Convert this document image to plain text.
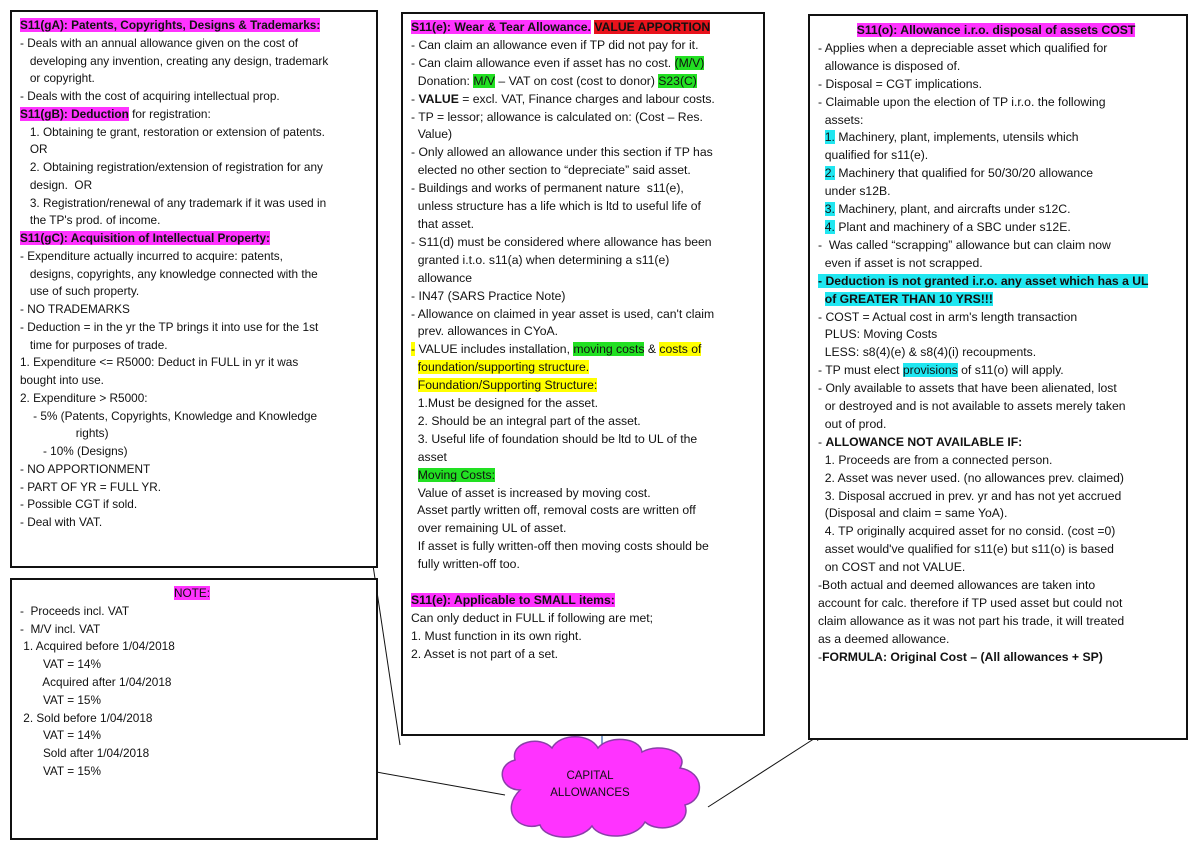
CAPITAL
ALLOWANCES
S11(gA): Patents, Copyrights, Designs & Trademarks:
- Deals with an annual allowance given on the cost of
developing any invention, creating any design, trademark
or copyright.
- Deals with the cost of acquiring intellectual prop.
S11(gB): Deduction for registration:
1. Obtaining te grant, restoration or extension of patents.
OR
2. Obtaining registration/extension of registration for any
design.  OR
3. Registration/renewal of any trademark if it was used in
the TP's prod. of income.
S11(gC): Acquisition of Intellectual Property:
- Expenditure actually incurred to acquire: patents,
designs, copyrights, any knowledge connected with the
use of such property.
- NO TRADEMARKS
- Deduction = in the yr the TP brings it into use for the 1st
time for purposes of trade.
1. Expenditure <= R5000: Deduct in FULL in yr it was
bought into use.
2. Expenditure > R5000:
- 5% (Patents, Copyrights, Knowledge and Knowledge
rights)
- 10% (Designs)
- NO APPORTIONMENT
- PART OF YR = FULL YR.
- Possible CGT if sold.
- Deal with VAT.
NOTE:
-  Proceeds incl. VAT
-  M/V incl. VAT
1. Acquired before 1/04/2018
VAT = 14%
Acquired after 1/04/2018
VAT = 15%
2. Sold before 1/04/2018
VAT = 14%
Sold after 1/04/2018
VAT = 15%
S11(e): Wear & Tear Allowance. VALUE APPORTION
- Can claim an allowance even if TP did not pay for it.
- Can claim allowance even if asset has no cost. (M/V)
Donation: M/V – VAT on cost (cost to donor) S23(C)
- VALUE = excl. VAT, Finance charges and labour costs.
- TP = lessor; allowance is calculated on: (Cost – Res.
Value)
- Only allowed an allowance under this section if TP has
elected no other section to “depreciate” said asset.
- Buildings and works of permanent nature  s11(e),
unless structure has a life which is ltd to useful life of
that asset.
- S11(d) must be considered where allowance has been
granted i.t.o. s11(a) when determining a s11(e)
allowance
- IN47 (SARS Practice Note)
- Allowance on claimed in year asset is used, can't claim
prev. allowances in CYoA.
- VALUE includes installation, moving costs & costs of
foundation/supporting structure.
Foundation/Supporting Structure:
1.Must be designed for the asset.
2. Should be an integral part of the asset.
3. Useful life of foundation should be ltd to UL of the
asset
Moving Costs:
Value of asset is increased by moving cost.
Asset partly written off, removal costs are written off
over remaining UL of asset.
If asset is fully written-off then moving costs should be
fully written-off too.

S11(e): Applicable to SMALL items:
Can only deduct in FULL if following are met;
1. Must function in its own right.
2. Asset is not part of a set.
S11(o): Allowance i.r.o. disposal of assets COST
- Applies when a depreciable asset which qualified for
allowance is disposed of.
- Disposal = CGT implications.
- Claimable upon the election of TP i.r.o. the following
assets:
1. Machinery, plant, implements, utensils which
qualified for s11(e).
2. Machinery that qualified for 50/30/20 allowance
under s12B.
3. Machinery, plant, and aircrafts under s12C.
4. Plant and machinery of a SBC under s12E.
-  Was called “scrapping” allowance but can claim now
even if asset is not scrapped.
- Deduction is not granted i.r.o. any asset which has a UL
of GREATER THAN 10 YRS!!!
- COST = Actual cost in arm's length transaction
PLUS: Moving Costs
LESS: s8(4)(e) & s8(4)(i) recoupments.
- TP must elect provisions of s11(o) will apply.
- Only available to assets that have been alienated, lost
or destroyed and is not available to assets merely taken
out of prod.
- ALLOWANCE NOT AVAILABLE IF:
1. Proceeds are from a connected person.
2. Asset was never used. (no allowances prev. claimed)
3. Disposal accrued in prev. yr and has not yet accrued
(Disposal and claim = same YoA).
4. TP originally acquired asset for no consid. (cost =0)
asset would've qualified for s11(e) but s11(o) is based
on COST and not VALUE.
-Both actual and deemed allowances are taken into
account for calc. therefore if TP used asset but could not
claim allowance as it was not part his trade, it will treated
as a deemed allowance.
-FORMULA: Original Cost – (All allowances + SP)
